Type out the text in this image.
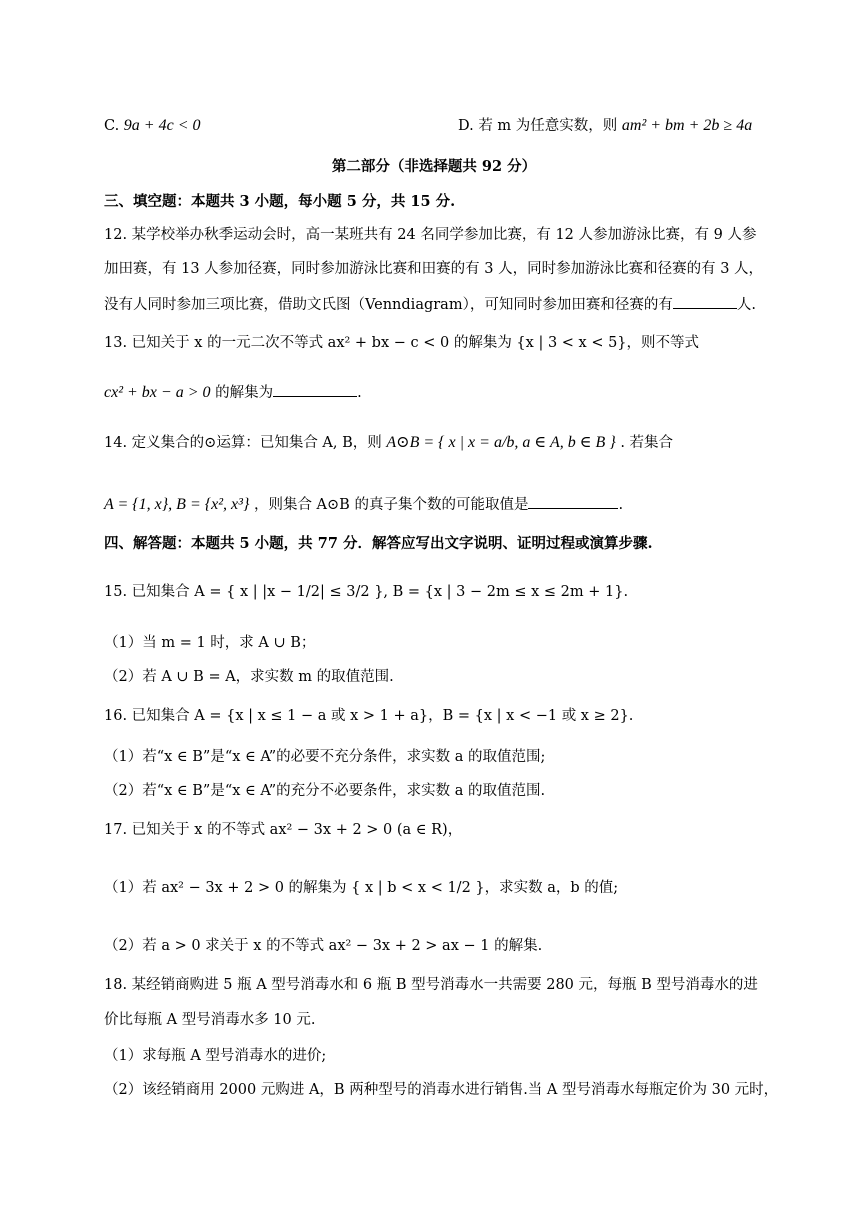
C. 9a + 4c < 0	D. 若 m 为任意实数，则 am² + bm + 2b ≥ 4a
第二部分（非选择题共 92 分）
三、填空题：本题共 3 小题，每小题 5 分，共 15 分.
12. 某学校举办秋季运动会时，高一某班共有 24 名同学参加比赛，有 12 人参加游泳比赛，有 9 人参
加田赛，有 13 人参加径赛，同时参加游泳比赛和田赛的有 3 人，同时参加游泳比赛和径赛的有 3 人，
没有人同时参加三项比赛，借助文氏图（Venndiagram），可知同时参加田赛和径赛的有	人.
13. 已知关于 x 的一元二次不等式 ax² + bx − c < 0 的解集为 {x | 3 < x < 5}，则不等式
cx² + bx − a > 0 的解集为	.
14. 定义集合的⊙运算：已知集合 A, B，则 A⊙B = { x | x = a/b, a ∈ A, b ∈ B } . 若集合
A = {1, x}, B = {x², x³} ，则集合 A⊙B 的真子集个数的可能取值是	.
四、解答题：本题共 5 小题，共 77 分．解答应写出文字说明、证明过程或演算步骤.
15. 已知集合 A = { x | |x − 1/2| ≤ 3/2 }, B = {x | 3 − 2m ≤ x ≤ 2m + 1}.
（1）当 m = 1 时，求 A ∪ B；
（2）若 A ∪ B = A，求实数 m 的取值范围.
16. 已知集合 A = {x | x ≤ 1 − a 或 x > 1 + a}，B = {x | x < −1 或 x ≥ 2}.
（1）若“x ∈ B”是“x ∈ A”的必要不充分条件，求实数 a 的取值范围;
（2）若“x ∈ B”是“x ∈ A”的充分不必要条件，求实数 a 的取值范围.
17. 已知关于 x 的不等式 ax² − 3x + 2 > 0 (a ∈ R)，
（1）若 ax² − 3x + 2 > 0 的解集为 { x | b < x < 1/2 }，求实数 a，b 的值;
（2）若 a > 0 求关于 x 的不等式 ax² − 3x + 2 > ax − 1 的解集.
18. 某经销商购进 5 瓶 A 型号消毒水和 6 瓶 B 型号消毒水一共需要 280 元，每瓶 B 型号消毒水的进
价比每瓶 A 型号消毒水多 10 元.
（1）求每瓶 A 型号消毒水的进价;
（2）该经销商用 2000 元购进 A，B 两种型号的消毒水进行销售.当 A 型号消毒水每瓶定价为 30 元时，
